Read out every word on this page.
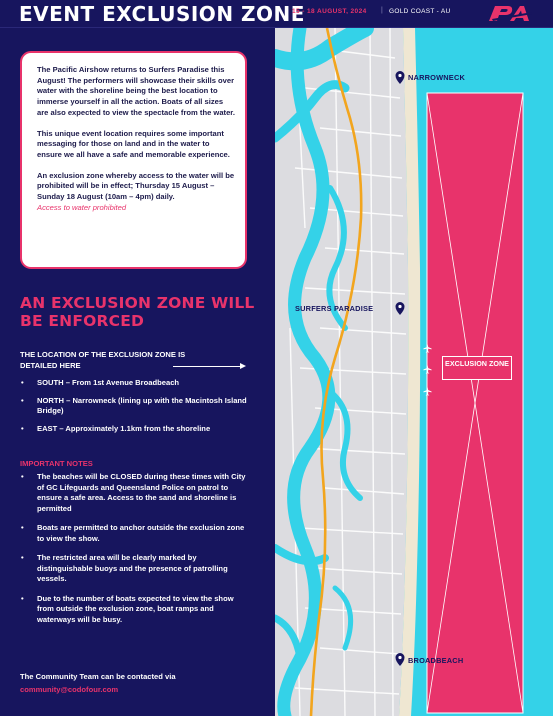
EVENT EXCLUSION ZONE
15 - 18 AUGUST, 2024 | GOLD COAST - AU

The Pacific Airshow returns to Surfers Paradise this August! The performers will showcase their skills over water with the shoreline being the best location to immerse yourself in all the action. Boats of all sizes are also expected to view the spectacle from the water.

This unique event location requires some important messaging for those on land and in the water to ensure we all have a safe and memorable experience.

An exclusion zone whereby access to the water will be prohibited will be in effect; Thursday 15 August – Sunday 18 August (10am – 4pm) daily.
Access to water prohibited

AN EXCLUSION ZONE WILL BE ENFORCED
THE LOCATION OF THE EXCLUSION ZONE IS DETAILED HERE
• SOUTH – From 1st Avenue Broadbeach
• NORTH – Narrowneck (lining up with the Macintosh Island Bridge)
• EAST – Approximately 1.1km from the shoreline
IMPORTANT NOTES
• The beaches will be CLOSED during these times with City of GC Lifeguards and Queensland Police on patrol to ensure a safe area. Access to the sand and shoreline is permitted
• Boats are permitted to anchor outside the exclusion zone to view the show.
• The restricted area will be clearly marked by distinguishable buoys and the presence of patrolling vessels.
• Due to the number of boats expected to view the show from outside the exclusion zone, boat ramps and waterways will be busy.
The Community Team can be contacted via
community@codofour.com
NARROWNECK
SURFERS PARADISE
BROADBEACH
EXCLUSION ZONE
